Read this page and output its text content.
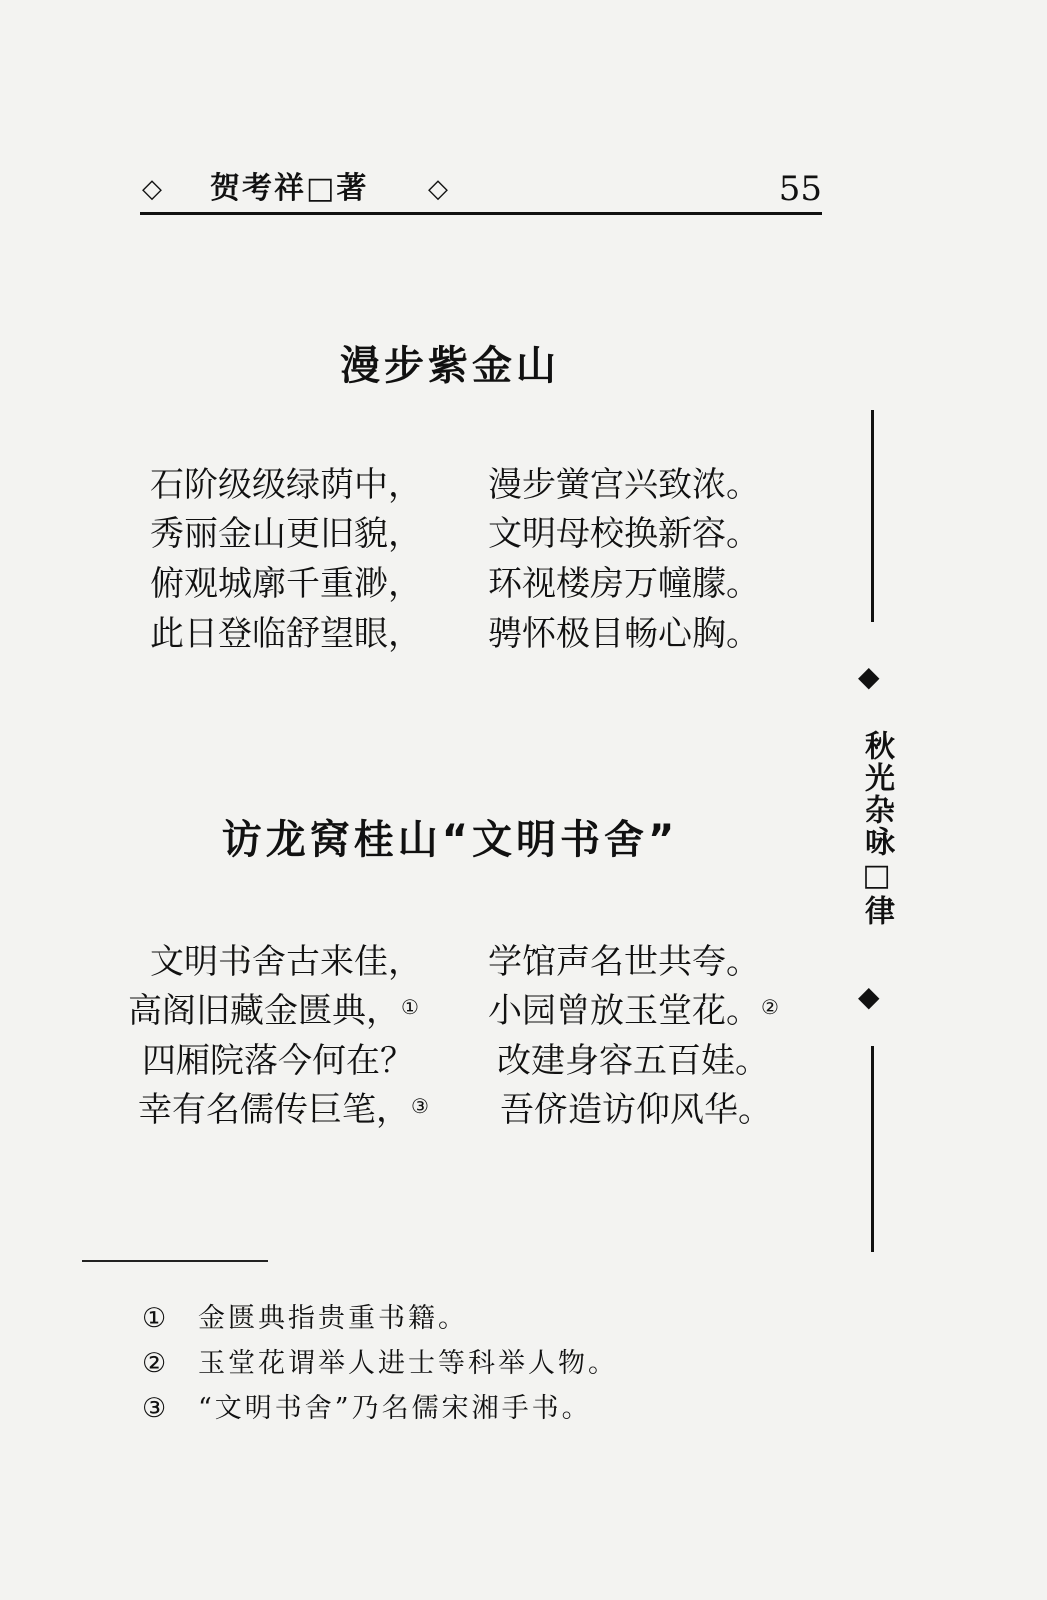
◇ 贺考祥□著 ◇	55
漫步紫金山
石阶级级绿荫中， 漫步黉宫兴致浓。
秀丽金山更旧貌， 文明母校换新容。
俯观城廓千重渺， 环视楼房万幢朦。
此日登临舒望眼， 骋怀极目畅心胸。
访龙窝桂山“文明书舍”
文明书舍古来佳， 学馆声名世共夸。
高阁旧藏金匮典，① 小园曾放玉堂花。②
四厢院落今何在？ 改建身容五百娃。
幸有名儒传巨笔，③ 吾侪造访仰风华。
① 金匮典指贵重书籍。
② 玉堂花谓举人进士等科举人物。
③ “文明书舍”乃名儒宋湘手书。
◆
秋光杂咏□律
◆
